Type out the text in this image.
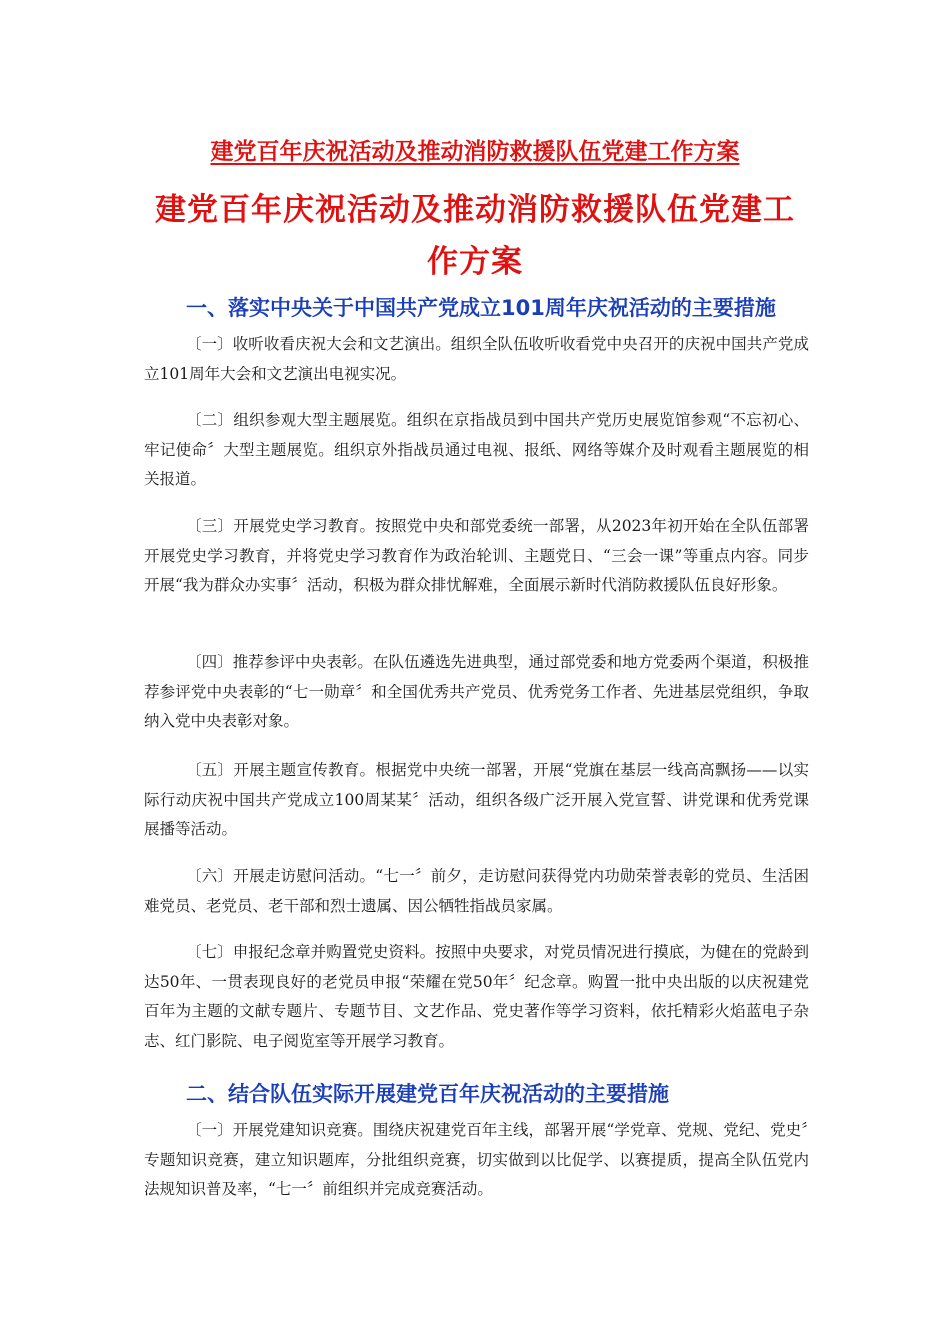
建党百年庆祝活动及推动消防救援队伍党建工作方案
建党百年庆祝活动及推动消防救援队伍党建工作方案
一、落实中央关于中国共产党成立101周年庆祝活动的主要措施

〔一〕收听收看庆祝大会和文艺演出。组织全队伍收听收看党中央召开的庆祝中国共产党成立101周年大会和文艺演出电视实况。

〔二〕组织参观大型主题展览。组织在京指战员到中国共产党历史展览馆参观“不忘初心、牢记使命〞大型主题展览。组织京外指战员通过电视、报纸、网络等媒介及时观看主题展览的相关报道。

〔三〕开展党史学习教育。按照党中央和部党委统一部署，从2023年初开始在全队伍部署开展党史学习教育，并将党史学习教育作为政治轮训、主题党日、“三会一课”等重点内容。同步开展“我为群众办实事〞活动，积极为群众排忧解难，全面展示新时代消防救援队伍良好形象。

〔四〕推荐参评中央表彰。在队伍遴选先进典型，通过部党委和地方党委两个渠道，积极推荐参评党中央表彰的“七一勋章〞和全国优秀共产党员、优秀党务工作者、先进基层党组织，争取纳入党中央表彰对象。

〔五〕开展主题宣传教育。根据党中央统一部署，开展“党旗在基层一线高高飘扬——以实际行动庆祝中国共产党成立100周某某〞活动，组织各级广泛开展入党宣誓、讲党课和优秀党课展播等活动。

〔六〕开展走访慰问活动。“七一〞前夕，走访慰问获得党内功勋荣誉表彰的党员、生活困难党员、老党员、老干部和烈士遗属、因公牺牲指战员家属。

〔七〕申报纪念章并购置党史资料。按照中央要求，对党员情况进行摸底，为健在的党龄到达50年、一贯表现良好的老党员申报“荣耀在党50年〞纪念章。购置一批中央出版的以庆祝建党百年为主题的文献专题片、专题节目、文艺作品、党史著作等学习资料，依托精彩火焰蓝电子杂志、红门影院、电子阅览室等开展学习教育。

二、结合队伍实际开展建党百年庆祝活动的主要措施

〔一〕开展党建知识竞赛。围绕庆祝建党百年主线，部署开展“学党章、党规、党纪、党史〞专题知识竞赛，建立知识题库，分批组织竞赛，切实做到以比促学、以赛提质，提高全队伍党内法规知识普及率，“七一〞前组织并完成竞赛活动。
